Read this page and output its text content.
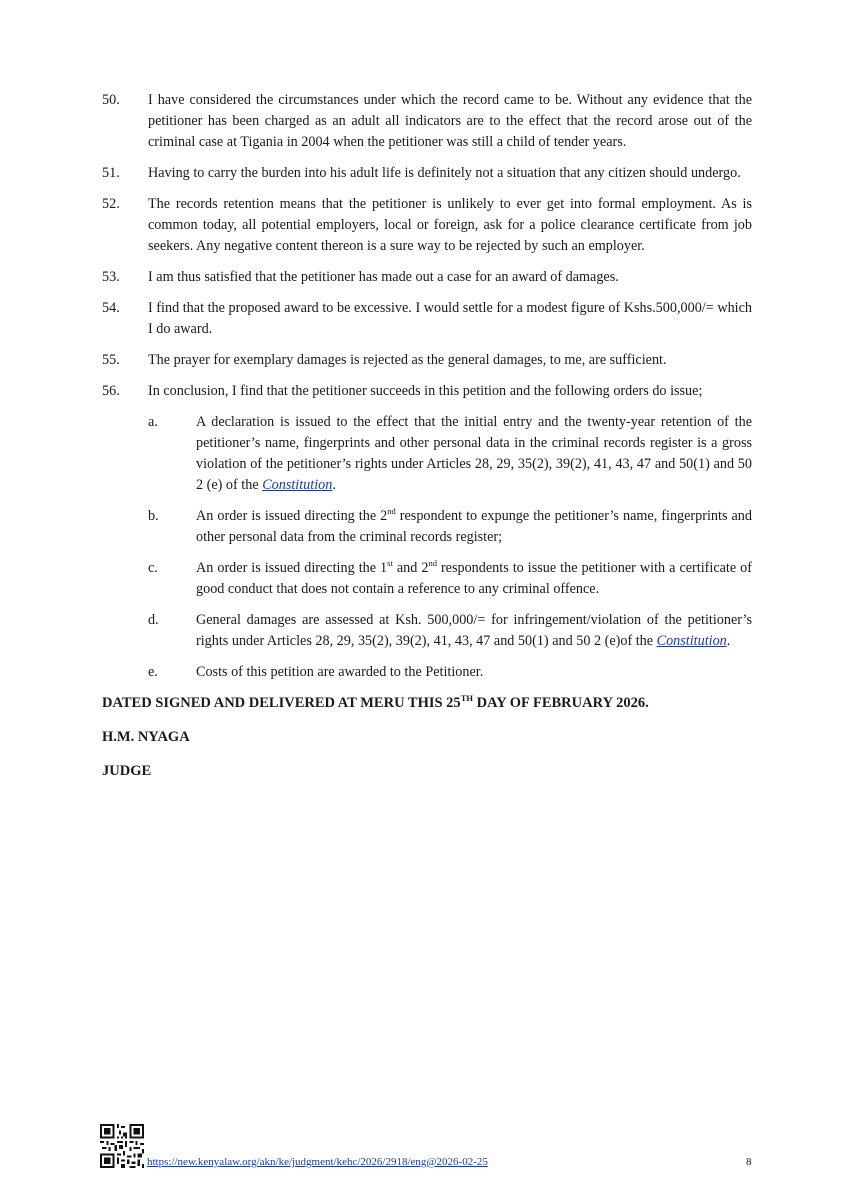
50. I have considered the circumstances under which the record came to be. Without any evidence that the petitioner has been charged as an adult all indicators are to the effect that the record arose out of the criminal case at Tigania in 2004 when the petitioner was still a child of tender years.
51. Having to carry the burden into his adult life is definitely not a situation that any citizen should undergo.
52. The records retention means that the petitioner is unlikely to ever get into formal employment. As is common today, all potential employers, local or foreign, ask for a police clearance certificate from job seekers. Any negative content thereon is a sure way to be rejected by such an employer.
53. I am thus satisfied that the petitioner has made out a case for an award of damages.
54. I find that the proposed award to be excessive. I would settle for a modest figure of Kshs.500,000/= which I do award.
55. The prayer for exemplary damages is rejected as the general damages, to me, are sufficient.
56. In conclusion, I find that the petitioner succeeds in this petition and the following orders do issue;
a.	A declaration is issued to the effect that the initial entry and the twenty-year retention of the petitioner’s name, fingerprints and other personal data in the criminal records register is a gross violation of the petitioner’s rights under Articles 28, 29, 35(2), 39(2), 41, 43, 47 and 50(1) and 50 2 (e) of the Constitution.
b.	An order is issued directing the 2nd respondent to expunge the petitioner’s name, fingerprints and other personal data from the criminal records register;
c.	An order is issued directing the 1st and 2nd respondents to issue the petitioner with a certificate of good conduct that does not contain a reference to any criminal offence.
d.	General damages are assessed at Ksh. 500,000/= for infringement/violation of the petitioner’s rights under Articles 28, 29, 35(2), 39(2), 41, 43, 47 and 50(1) and 50 2 (e)of the Constitution.
e.	Costs of this petition are awarded to the Petitioner.
DATED SIGNED AND DELIVERED AT MERU THIS 25TH DAY OF FEBRUARY 2026.
H.M. NYAGA
JUDGE
https://new.kenyalaw.org/akn/ke/judgment/kehc/2026/2918/eng@2026-02-25	8
